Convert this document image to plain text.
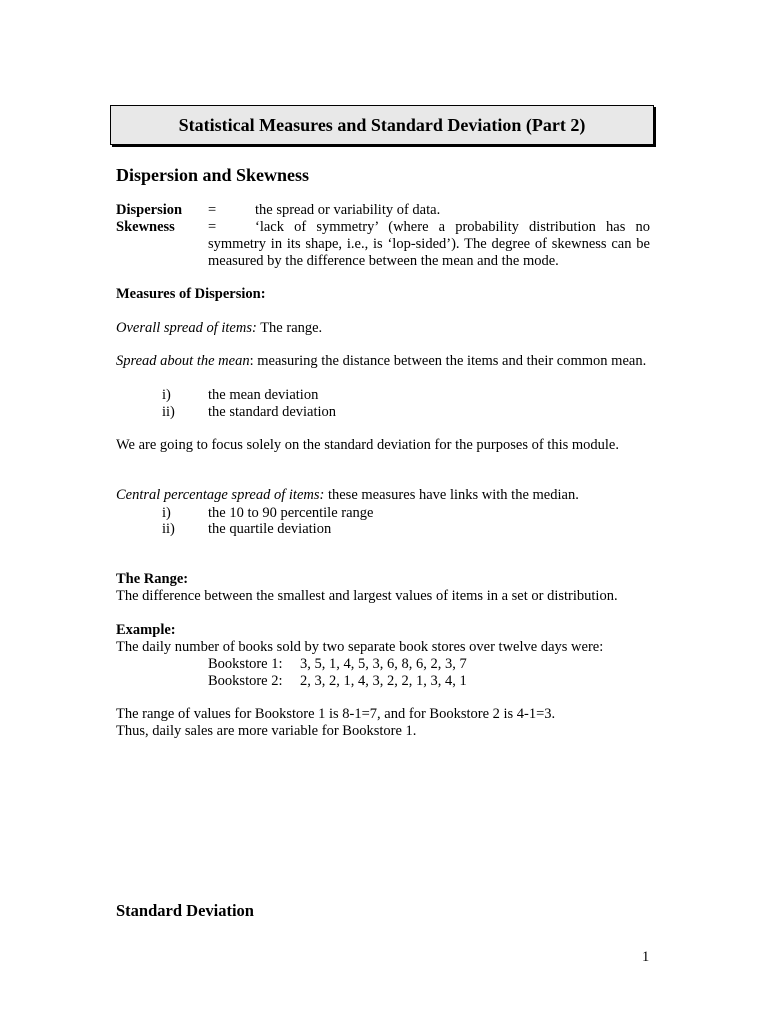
Statistical Measures and Standard Deviation (Part 2)
Dispersion and Skewness
Dispersion =	the spread or variability of data.
Skewness =	‘lack of symmetry’ (where a probability distribution has no
symmetry in its shape, i.e., is ‘lop-sided’). The degree of skewness can be measured by the difference between the mean and the mode.
Measures of Dispersion:
Overall spread of items: The range.
Spread about the mean: measuring the distance between the items and their common mean.
i)	the mean deviation
ii) the standard deviation
We are going to focus solely on the standard deviation for the purposes of this module.
Central percentage spread of items: these measures have links with the median.
i)	the 10 to 90 percentile range
ii) the quartile deviation
The Range:
The difference between the smallest and largest values of items in a set or distribution.
Example:
The daily number of books sold by two separate book stores over twelve days were:
Bookstore 1: 3, 5, 1, 4, 5, 3, 6, 8, 6, 2, 3, 7
Bookstore 2: 2, 3, 2, 1, 4, 3, 2, 2, 1, 3, 4, 1
The range of values for Bookstore 1 is 8-1=7, and for Bookstore 2 is 4-1=3.
Thus, daily sales are more variable for Bookstore 1.
Standard Deviation
1
